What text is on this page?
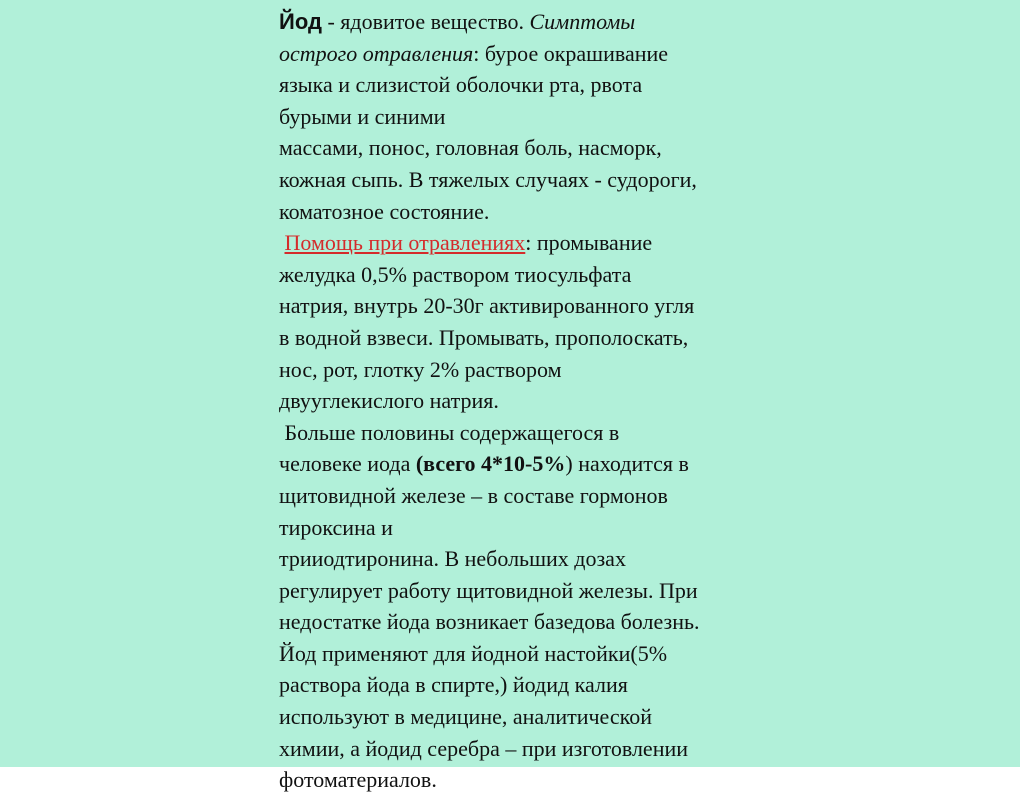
Йод - ядовитое вещество. Симптомы
острого отравления: бурое окрашивание
языка и слизистой оболочки рта, рвота
бурыми и синими
массами, понос, головная боль, насморк,
кожная сыпь. В тяжелых случаях - судороги,
коматозное состояние.
Помощь при отравлениях: промывание
желудка 0,5% раствором тиосульфата
натрия, внутрь 20-30г активированного угля
в водной взвеси. Промывать, прополоскать,
нос, рот, глотку 2% раствором
двууглекислого натрия.
Больше половины содержащегося в
человеке иода (всего 4*10-5%) находится в
щитовидной железе – в составе гормонов
тироксина и
трииодтиронина. В небольших дозах
регулирует работу щитовидной железы. При
недостатке йода возникает базедова болезнь.
Йод применяют для йодной настойки(5%
раствора йода в спирте,) йодид калия
используют в медицине, аналитической
химии, а йодид серебра – при изготовлении
фотоматериалов.
